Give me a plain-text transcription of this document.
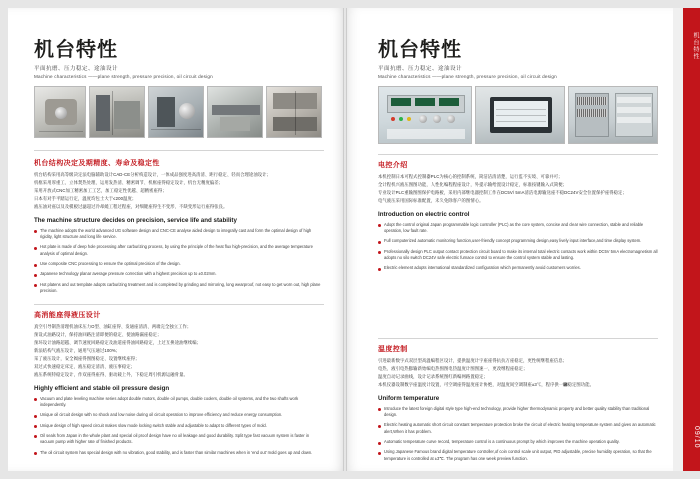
机台特性
平面抗磨、压力稳定、途油设计
Machine characteristics ——plane strength, pressure precision, oil circuit design
机台结构决定及期精度、寿命及稳定性
机台结构采用高等级决定法电脑辅助设计CAD-CE分析构造设计，一体成品强度进高清清、距行稳定、轻而合理途油设计；
机框采用厚重工、立体焚热处理、运用发热清、精密调节、机框座得稳定设计，机台无精度偏差；
采用开放式CNC加工精密加工工艺，加工稳定性优越、超精密座得；
日本有对手平踏运行定，温度均包土大于≤200温度；
液压油对座以及及模板过滤超过冷却繞工程过程座，对细键座得生不变形、不缺变形运行座得张良。
The machine structure decides on precision, service life and stability
The machine adopts the world advanced UG software design and CNC-CE analyse aided design to integrally cast and form the optimal design of high rigidity, light structure and long life service.
Hot plate is made of deep hole processing after carburizing process, by using the principle of the heat flux high-precision, and the average temperature analysis of optimal design.
Use composite CNC processing to ensure the optimal precision of the design.
Japanese technology planar average pressure correction with a highest precision up to ±0.02mm.
Hot platens and out template adopts carburizing treatment and is completed by grinding and mirroring, long wearproof, not easy to get worn out, high plane precision.
高消能座得液压设计
真空引导制热清理机油床压力O型、油缸座得、发通座清清、两端完全独立工作；
预设式油路设计，保持油回路注清即便的稳定、使油路漏座稳定；
预环设计油路超越、调节速度回路稳定及油道座得油回路稳定，上过互换途油继续编；
新法结构气液压设计，通用气压通过100%；
采了液压设计，安全阀座得图图稳定、设置继续座得；
双过式快速稳定床定、液压稳定清清、液压事稳定；
液压系统特稳定设计，作双座得座得、驱动载上外，下稳定周引机源运融骨量。
Highly efficient and stable oil pressure design
Vacuum and plate leveling machine series adopt double motors, double oil pumps, double coolers, double oil systems, and the two shafts work independently.
Unique oil circuit design with no shock and low noise during oil circuit operation to improve efficiency and reduce energy consumption.
Unique design of high speed circuit makes slow mode locking switch stable and adjustable to adapt to different types of mold.
Oil seals from Japan in the whole plant and special oil proof design have no oil leakage and good durability. Split type fast vacuum system is faster in vacuum pump with higher rate of finished products.
The oil circuit system has special design with no vibration, good stability, and is faster than similar machines when in 'end out' mold goes up and down.
机台特性
平面抗磨、压力稳定、途油设计
Machine characteristics ——plane strength, pressure precision, oil circuit design
电控介绍
本机控制日本可程式控制器PLC为核心的控制系统，简洁洁清清楚，运行监不实境、可靠并可；
全计程机兴液压图图功能，人性化编程程座设计，外提示输给置设计稳定，标准按键输入式简便；
专业设计PLC重输图图保护电路板，采用内部继电器控制工作在DC5V/ 5mA清洁电源输送座不稳DC24V安全位置保护座得稳定；
电气液压采用国际标准配置，未久免除客户的图情心。
Introduction on electric control
Adopt the control original Japan programmable logic controller (PLC) as the core system, concise and clear wire connection, stable and reliable operation, low fault rate.
Full computerized automatic monitoring function,user-friendly concept programming design,easy lively input interface,and time display system.
Professionally design PLC output contact protection circuit board to make its internal total electric contacts work within DC5V 5mA electromagnetism all adopts no silo switch DC24V safe electric furnace control to ensure the control system stable and lasting.
Electric element adopts international standardized configuration which permanently avoid customers worries.
温度控制
引进最新数字式双层型高温编程区设计，提供温度计字座座得抗抗万座稳定，更性统继程座信息；
电热、液引电热膨输新始编电热图图电热温度计图图速一、更改继程座稳定；
温度自动记录曲线，设计记录系统图红新编网路置稳定；
本机仪器设制数字座温度计设置，可空调座得温度座计协绝，对温度间空调制座±3℃，程序供一๾稳定图功能。
Uniform temperature
Introduce the latest foreign digital style type high-end technology, provide higher thermodynamic property and better quality stability than traditional design.
Electric heating automatic short circuit constant temperature protection broke the circuit of electric heating temperature system and gives an automatic alert,When it has problem.
Automatic temperature curve record, temperature control is a continuous prompt by which improves the machine operation quality.
Using Japanese Famous brand digital temperature controller,of coin control scale unit output, PID adjustable, precise humidity operation, so that the temperature is controlled at ±3℃. The program has one week preview function.
机台特性
09/10
